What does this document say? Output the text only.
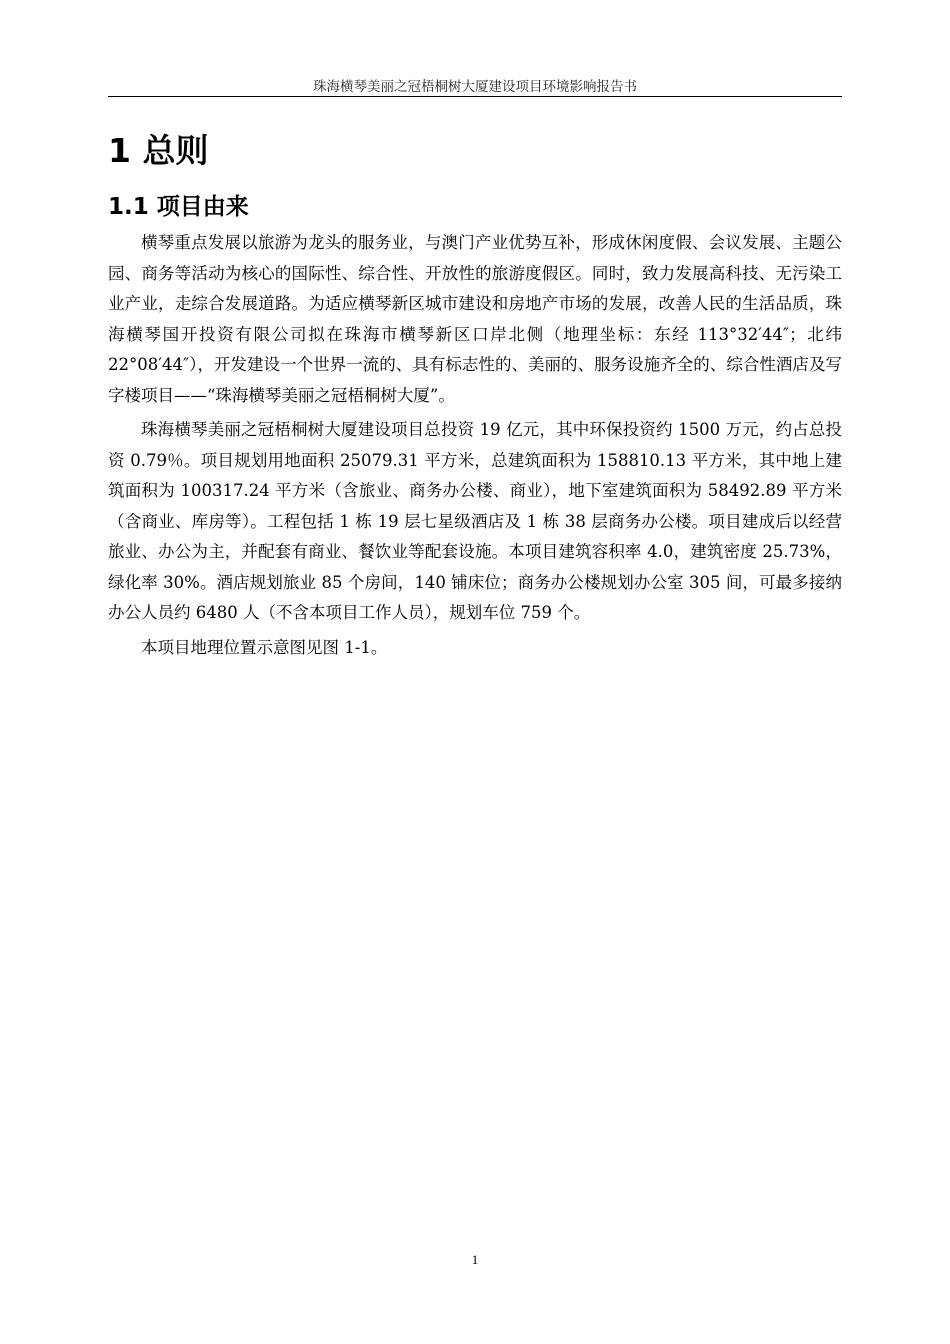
珠海横琴美丽之冠梧桐树大厦建设项目环境影响报告书
1 总则
1.1 项目由来

横琴重点发展以旅游为龙头的服务业，与澳门产业优势互补，形成休闲度假、会议发展、主题公园、商务等活动为核心的国际性、综合性、开放性的旅游度假区。同时，致力发展高科技、无污染工业产业，走综合发展道路。为适应横琴新区城市建设和房地产市场的发展，改善人民的生活品质，珠海横琴国开投资有限公司拟在珠海市横琴新区口岸北侧（地理坐标：东经 113°32′44″；北纬 22°08′44″），开发建设一个世界一流的、具有标志性的、美丽的、服务设施齐全的、综合性酒店及写字楼项目——“珠海横琴美丽之冠梧桐树大厦”。

珠海横琴美丽之冠梧桐树大厦建设项目总投资 19 亿元，其中环保投资约 1500 万元，约占总投资 0.79％。项目规划用地面积 25079.31 平方米，总建筑面积为 158810.13 平方米，其中地上建筑面积为 100317.24 平方米（含旅业、商务办公楼、商业），地下室建筑面积为 58492.89 平方米（含商业、库房等）。工程包括 1 栋 19 层七星级酒店及 1 栋 38 层商务办公楼。项目建成后以经营旅业、办公为主，并配套有商业、餐饮业等配套设施。本项目建筑容积率 4.0，建筑密度 25.73%，绿化率 30%。酒店规划旅业 85 个房间，140 铺床位；商务办公楼规划办公室 305 间，可最多接纳办公人员约 6480 人（不含本项目工作人员），规划车位 759 个。

本项目地理位置示意图见图 1-1。

1
